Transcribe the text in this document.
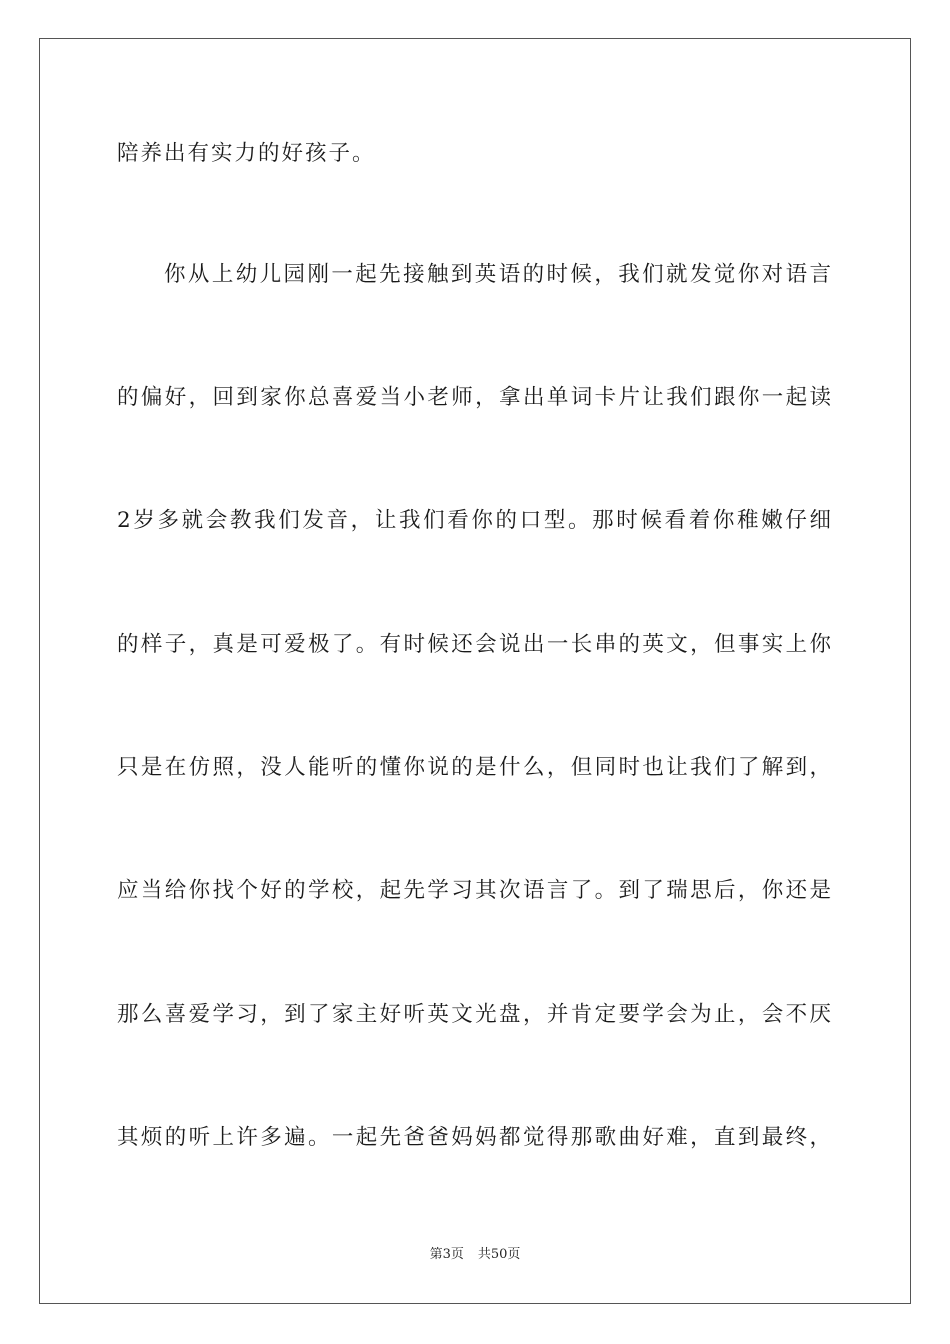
陪养出有实力的好孩子。
你从上幼儿园刚一起先接触到英语的时候，我们就发觉你对语言
的偏好，回到家你总喜爱当小老师，拿出单词卡片让我们跟你一起读
2岁多就会教我们发音，让我们看你的口型。那时候看着你稚嫩仔细
的样子，真是可爱极了。有时候还会说出一长串的英文，但事实上你
只是在仿照，没人能听的懂你说的是什么，但同时也让我们了解到，
应当给你找个好的学校，起先学习其次语言了。到了瑞思后，你还是
那么喜爱学习，到了家主好听英文光盘，并肯定要学会为止，会不厌
其烦的听上许多遍。一起先爸爸妈妈都觉得那歌曲好难，直到最终，
第3页 共50页
